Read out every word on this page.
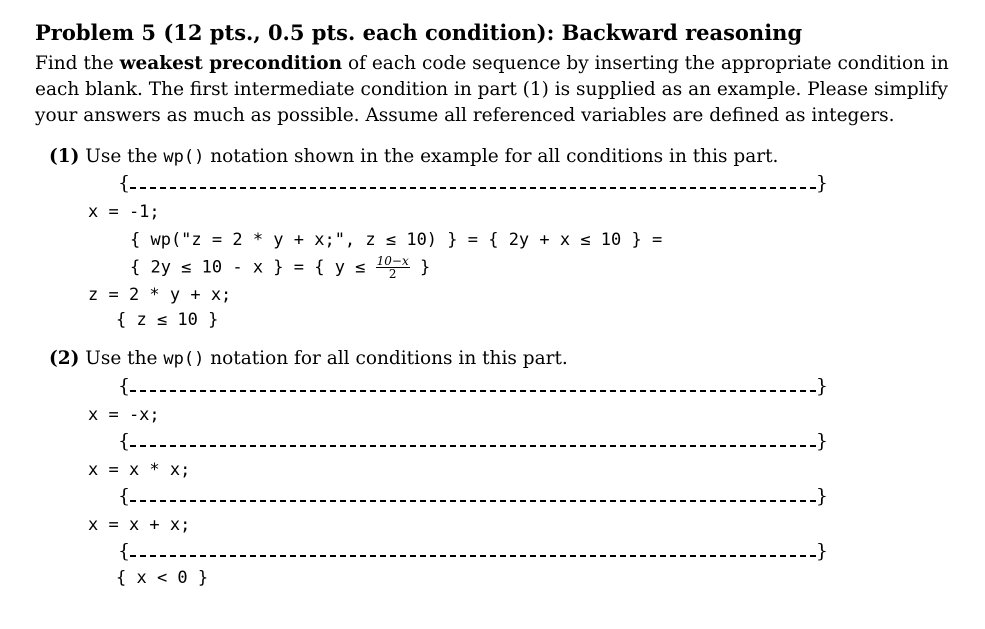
Problem 5 (12 pts., 0.5 pts. each condition): Backward reasoning
Find the weakest precondition of each code sequence by inserting the appropriate condition in each blank. The first intermediate condition in part (1) is supplied as an example. Please simplify your answers as much as possible. Assume all referenced variables are defined as integers.
(1) Use the wp() notation shown in the example for all conditions in this part.
{	}
x = -1;
{ wp("z = 2 * y + x;", z ≤ 10) } = { 2y + x ≤ 10 } =
{ 2y ≤ 10 - x } = { $y \le \frac{10-x}{2}$ }
z = 2 * y + x;
{ z ≤ 10 }
(2) Use the wp() notation for all conditions in this part.
{	}
x = -x;
{	}
x = x * x;
{	}
x = x + x;
{	}
{ x < 0 }
